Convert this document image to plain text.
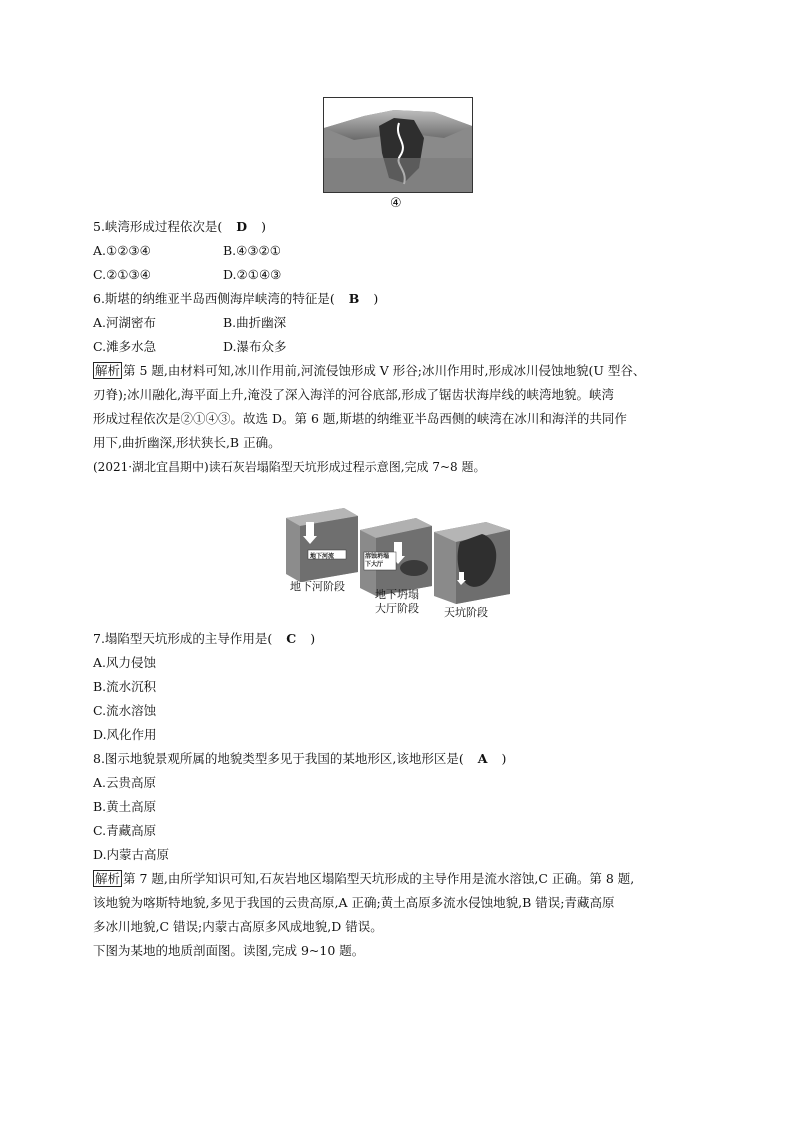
④
5.峡湾形成过程依次是( D )
A.①②③④	B.④③②①
C.②①③④	D.②①④③
6.斯堪的纳维亚半岛西侧海岸峡湾的特征是( B )
A.河湖密布	B.曲折幽深
C.滩多水急	D.瀑布众多
解析 第 5 题,由材料可知,冰川作用前,河流侵蚀形成 V 形谷;冰川作用时,形成冰川侵蚀地貌(U 型谷、
刃脊);冰川融化,海平面上升,淹没了深入海洋的河谷底部,形成了锯齿状海岸线的峡湾地貌。峡湾
形成过程依次是②①④③。故选 D。第 6 题,斯堪的纳维亚半岛西侧的峡湾在冰川和海洋的共同作
用下,曲折幽深,形状狭长,B 正确。
(2021·湖北宜昌期中)读石灰岩塌陷型天坑形成过程示意图,完成 7~8 题。
地下河流	溶蚀坍塌
下大厅
地下河阶段
地下坍塌
大厅阶段 天坑阶段
7.塌陷型天坑形成的主导作用是( C )
A.风力侵蚀
B.流水沉积
C.流水溶蚀
D.风化作用
8.图示地貌景观所属的地貌类型多见于我国的某地形区,该地形区是( A )
A.云贵高原
B.黄土高原
C.青藏高原
D.内蒙古高原
解析 第 7 题,由所学知识可知,石灰岩地区塌陷型天坑形成的主导作用是流水溶蚀,C 正确。第 8 题,
该地貌为喀斯特地貌,多见于我国的云贵高原,A 正确;黄土高原多流水侵蚀地貌,B 错误;青藏高原
多冰川地貌,C 错误;内蒙古高原多风成地貌,D 错误。
下图为某地的地质剖面图。读图,完成 9~10 题。
